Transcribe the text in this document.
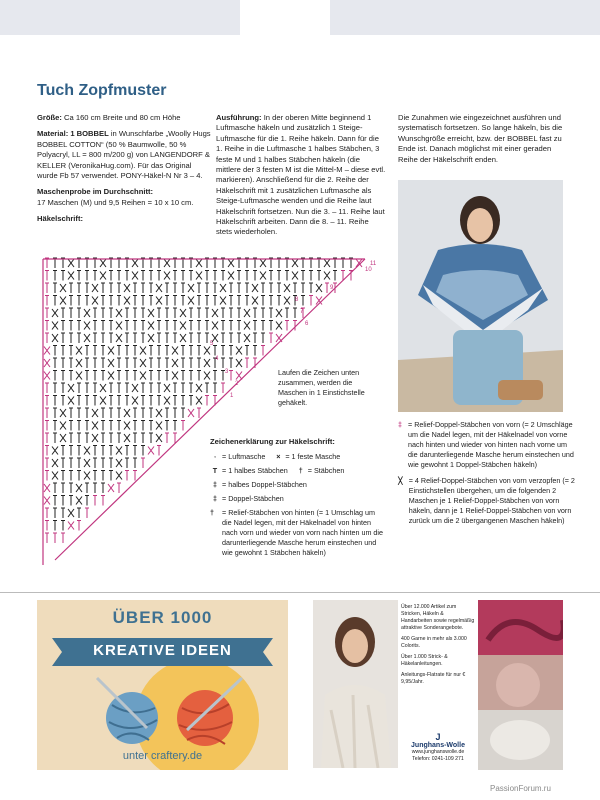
Tuch Zopfmuster

Größe: Ca 160 cm Breite und 80 cm Höhe

Material: 1 BOBBEL in Wunschfarbe „Woolly Hugs BOBBEL COTTON“ (50 % Baumwolle, 50 % Polyacryl, LL = 800 m/200 g) von LANGENDORF & KELLER (VeronikaHug.com). Für das Original wurde Fb 57 verwendet. PONY-Häkel-N Nr 3 – 4.

Maschenprobe im Durchschnitt:

17 Maschen (M) und 9,5 Reihen = 10 x 10 cm.

Häkelschrift:

Ausführung: In der oberen Mitte beginnend 1 Luftmasche häkeln und zusätzlich 1 Steige-Luftmasche für die 1. Reihe häkeln. Dann für die 1. Reihe in die Luftmasche 1 halbes Stäbchen, 3 feste M und 1 halbes Stäbchen häkeln (die mittlere der 3 festen M ist die Mittel-M – diese evtl. markieren). Anschließend für die 2. Reihe der Häkelschrift mit 1 zusätzlichen Luftmasche als Steige-Luftmasche wenden und die Reihe laut Häkelschrift fortsetzen. Nun die 3. – 11. Reihe laut Häkelschrift arbeiten. Dann die 8. – 11. Reihe stets wiederholen.

Die Zunahmen wie eingezeichnet ausführen und systematisch fortsetzen. So lange häkeln, bis die Wunschgröße erreicht, bzw. der BOBBEL fast zu Ende ist. Danach möglichst mit einer geraden Reihe der Häkelschrift enden.

1
2
3
4
5
6
7
8
9
10
11
Laufen die Zeichen unten zusammen, werden die Maschen in 1 Einstichstelle gehäkelt.
Zeichenerklärung zur Häkelschrift:
◦ = Luftmasche	× = 1 feste Masche
T = 1 halbes Stäbchen	† = Stäbchen
‡ = halbes Doppel-Stäbchen
‡ = Doppel-Stäbchen
† = Relief-Stäbchen von hinten (= 1 Umschlag um die Nadel legen, mit der Häkelnadel von hinten nach vorn und wieder von vorn nach hinten um die darunterliegende Masche herum einstechen und wie gewohnt 1 Stäbchen häkeln)
‡ = Relief-Doppel-Stäbchen von vorn (= 2 Umschläge um die Nadel legen, mit der Häkelnadel von vorne nach hinten und wieder von hinten nach vorne um die darunterliegende Masche herum einstechen und wie gewohnt 1 Doppel-Stäbchen häkeln)
╳ = 4 Relief-Doppel-Stäbchen von vorn verzopfen (= 2 Einstichstellen übergehen, um die folgenden 2 Maschen je 1 Relief-Doppel-Stäbchen von vorn häkeln, dann je 1 Relief-Doppel-Stäbchen von vorn zurück um die 2 übergangenen Maschen häkeln)
ÜBER 1000
KREATIVE IDEEN
unter craftery.de
Über 12.000 Artikel zum Stricken, Häkeln & Handarbeiten sowie regelmäßig attraktive Sonderangebote.
400 Garne in mehr als 3.000 Colorits.
Über 1.000 Strick- & Häkelanleitungen.
Anleitungs-Flatrate für nur € 9,95/Jahr.
J
Junghans-Wolle
www.junghanswolle.de
Telefon: 0241-109 271
PassionForum.ru
